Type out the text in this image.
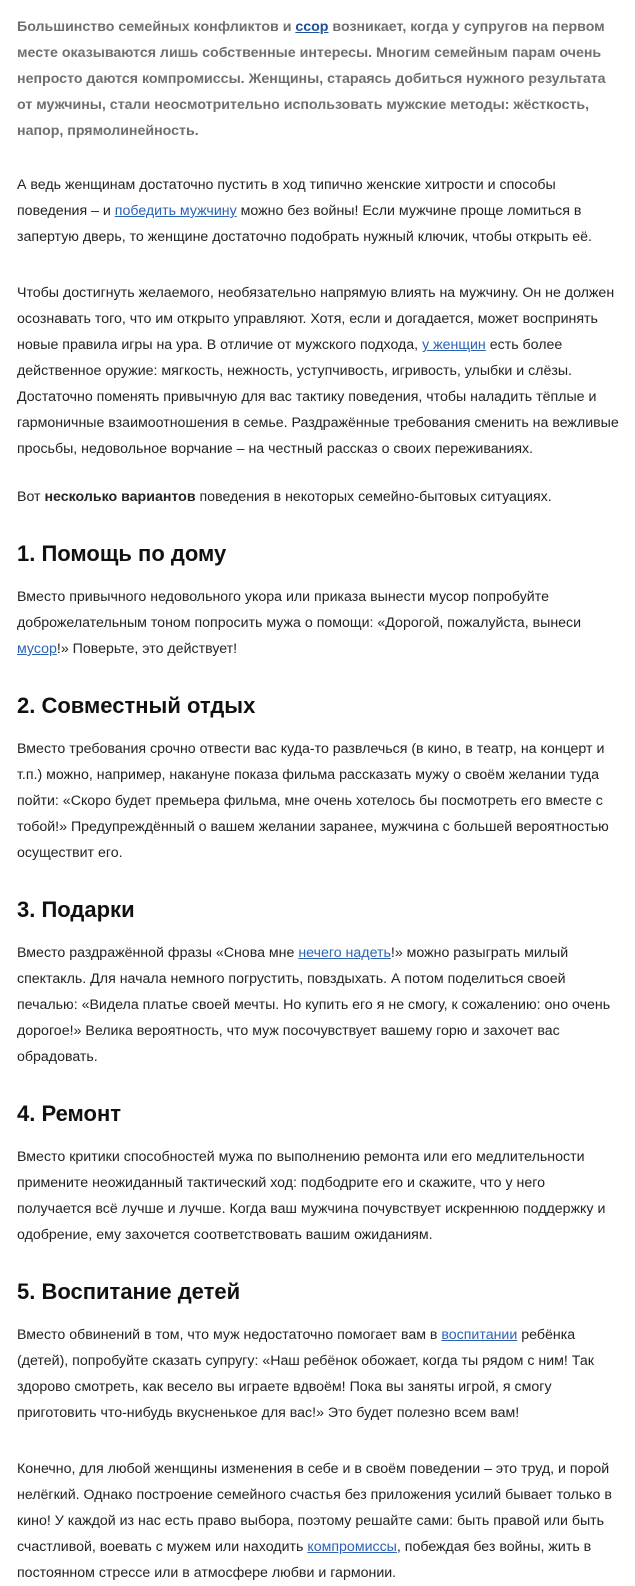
Большинство семейных конфликтов и ссор возникает, когда у супругов на первом месте оказываются лишь собственные интересы. Многим семейным парам очень непросто даются компромиссы. Женщины, стараясь добиться нужного результата от мужчины, стали неосмотрительно использовать мужские методы: жёсткость, напор, прямолинейность.

А ведь женщинам достаточно пустить в ход типично женские хитрости и способы поведения – и победить мужчину можно без войны! Если мужчине проще ломиться в запертую дверь, то женщине достаточно подобрать нужный ключик, чтобы открыть её.

Чтобы достигнуть желаемого, необязательно напрямую влиять на мужчину. Он не должен осознавать того, что им открыто управляют. Хотя, если и догадается, может воспринять новые правила игры на ура. В отличие от мужского подхода, у женщин есть более действенное оружие: мягкость, нежность, уступчивость, игривость, улыбки и слёзы. Достаточно поменять привычную для вас тактику поведения, чтобы наладить тёплые и гармоничные взаимоотношения в семье. Раздражённые требования сменить на вежливые просьбы, недовольное ворчание – на честный рассказ о своих переживаниях.

Вот несколько вариантов поведения в некоторых семейно-бытовых ситуациях.

1. Помощь по дому

Вместо привычного недовольного укора или приказа вынести мусор попробуйте доброжелательным тоном попросить мужа о помощи: «Дорогой, пожалуйста, вынеси мусор!» Поверьте, это действует!

2. Совместный отдых

Вместо требования срочно отвести вас куда-то развлечься (в кино, в театр, на концерт и т.п.) можно, например, накануне показа фильма рассказать мужу о своём желании туда пойти: «Скоро будет премьера фильма, мне очень хотелось бы посмотреть его вместе с тобой!» Предупреждённый о вашем желании заранее, мужчина с большей вероятностью осуществит его.

3. Подарки

Вместо раздражённой фразы «Снова мне нечего надеть!» можно разыграть милый спектакль. Для начала немного погрустить, повздыхать. А потом поделиться своей печалью: «Видела платье своей мечты. Но купить его я не смогу, к сожалению: оно очень дорогое!» Велика вероятность, что муж посочувствует вашему горю и захочет вас обрадовать.

4. Ремонт

Вместо критики способностей мужа по выполнению ремонта или его медлительности примените неожиданный тактический ход: подбодрите его и скажите, что у него получается всё лучше и лучше. Когда ваш мужчина почувствует искреннюю поддержку и одобрение, ему захочется соответствовать вашим ожиданиям.

5. Воспитание детей

Вместо обвинений в том, что муж недостаточно помогает вам в воспитании ребёнка (детей), попробуйте сказать супругу: «Наш ребёнок обожает, когда ты рядом с ним! Так здорово смотреть, как весело вы играете вдвоём! Пока вы заняты игрой, я смогу приготовить что-нибудь вкусненькое для вас!» Это будет полезно всем вам!

Конечно, для любой женщины изменения в себе и в своём поведении – это труд, и порой нелёгкий. Однако построение семейного счастья без приложения усилий бывает только в кино! У каждой из нас есть право выбора, поэтому решайте сами: быть правой или быть счастливой, воевать с мужем или находить компромиссы, побеждая без войны, жить в постоянном стрессе или в атмосфере любви и гармонии.
